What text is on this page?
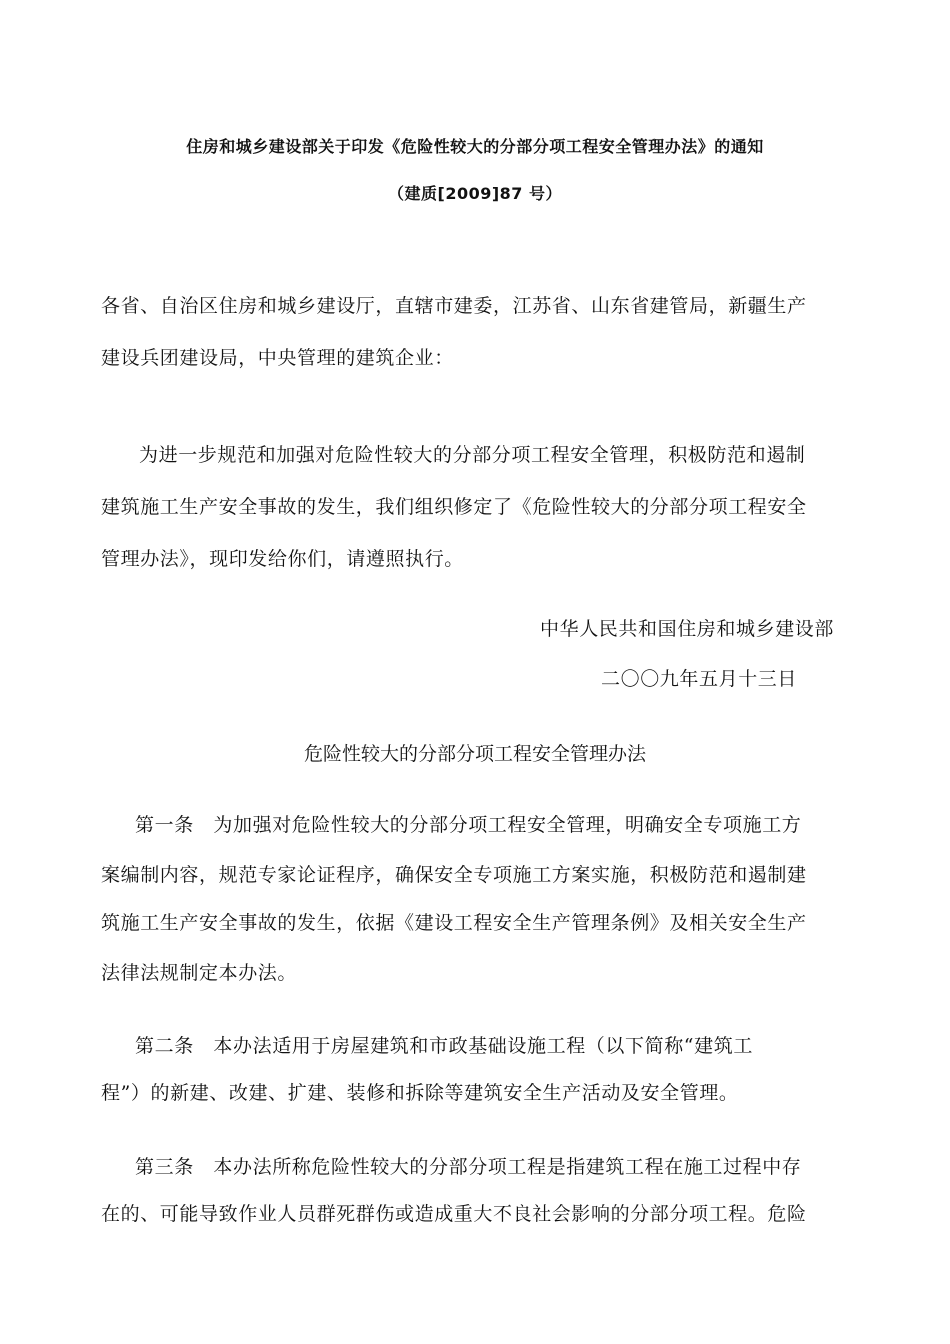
住房和城乡建设部关于印发《危险性较大的分部分项工程安全管理办法》的通知
（建质[2009]87 号）
各省、自治区住房和城乡建设厅，直辖市建委，江苏省、山东省建管局，新疆生产
建设兵团建设局，中央管理的建筑企业：
为进一步规范和加强对危险性较大的分部分项工程安全管理，积极防范和遏制
建筑施工生产安全事故的发生，我们组织修定了《危险性较大的分部分项工程安全
管理办法》，现印发给你们，请遵照执行。
中华人民共和国住房和城乡建设部
二〇〇九年五月十三日
危险性较大的分部分项工程安全管理办法
第一条　为加强对危险性较大的分部分项工程安全管理，明确安全专项施工方
案编制内容，规范专家论证程序，确保安全专项施工方案实施，积极防范和遏制建
筑施工生产安全事故的发生，依据《建设工程安全生产管理条例》及相关安全生产
法律法规制定本办法。
第二条　本办法适用于房屋建筑和市政基础设施工程（以下简称“建筑工
程”）的新建、改建、扩建、装修和拆除等建筑安全生产活动及安全管理。
第三条　本办法所称危险性较大的分部分项工程是指建筑工程在施工过程中存
在的、可能导致作业人员群死群伤或造成重大不良社会影响的分部分项工程。危险
